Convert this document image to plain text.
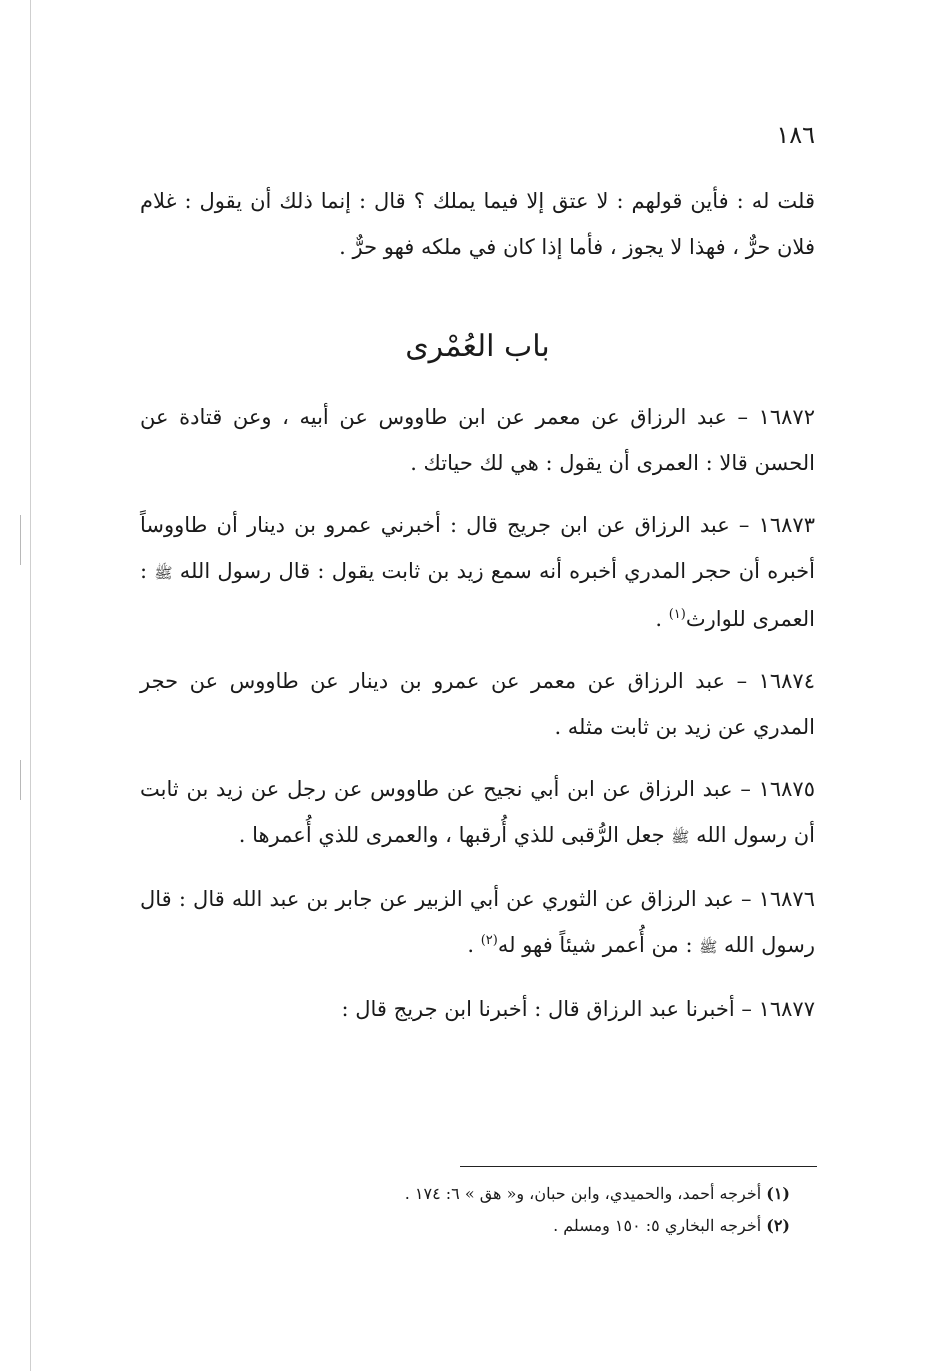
١٨٦

قلت له : فأين قولهم : لا عتق إلا فيما يملك ؟ قال : إنما ذلك أن يقول : غلام فلان حرٌّ ، فهذا لا يجوز ، فأما إذا كان في ملكه فهو حرٌّ .

باب العُمْرى

١٦٨٧٢ – عبد الرزاق عن معمر عن ابن طاووس عن أبيه ، وعن قتادة عن الحسن قالا : العمرى أن يقول : هي لك حياتك .

١٦٨٧٣ – عبد الرزاق عن ابن جريج قال : أخبرني عمرو بن دينار أن طاووساً أخبره أن حجر المدري أخبره أنه سمع زيد بن ثابت يقول : قال رسول الله ﷺ : العمرى للوارث$^{(١)}$ .

١٦٨٧٤ – عبد الرزاق عن معمر عن عمرو بن دينار عن طاووس عن حجر المدري عن زيد بن ثابت مثله .

١٦٨٧٥ – عبد الرزاق عن ابن أبي نجيح عن طاووس عن رجل عن زيد بن ثابت أن رسول الله ﷺ جعل الرُّقبى للذي أُرقبها ، والعمرى للذي أُعمرها .

١٦٨٧٦ – عبد الرزاق عن الثوري عن أبي الزبير عن جابر بن عبد الله قال : قال رسول الله ﷺ : من أُعمر شيئاً فهو له$^{(٢)}$ .

١٦٨٧٧ – أخبرنا عبد الرزاق قال : أخبرنا ابن جريج قال :

(١) أخرجه أحمد، والحميدي، وابن حبان، و« هق » ٦: ١٧٤ .
(٢) أخرجه البخاري ٥: ١٥٠ ومسلم .
